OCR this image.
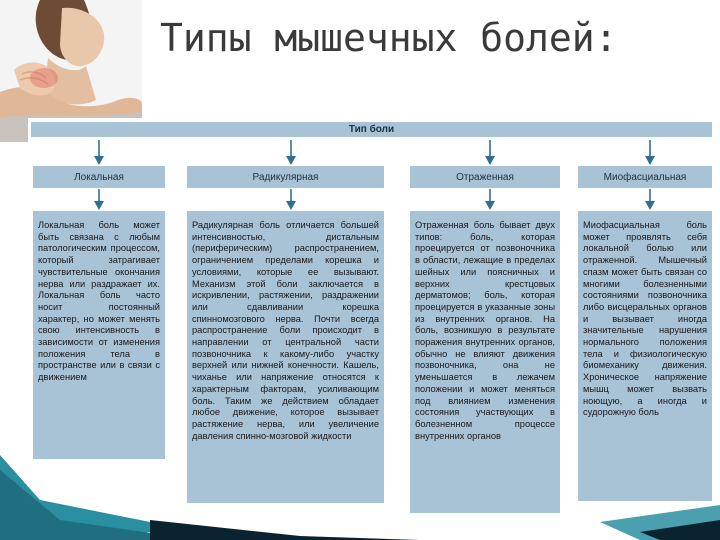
Типы мышечных болей:
Тип боли
Локальная	Радикулярная	Отраженная	Миофасциальная
Локальная боль может быть связана с любым патологическим процессом, который затрагивает чувствительные окончания нерва или раздражает их. Локальная боль часто носит постоянный характер, но может менять свою интенсивность в зависимости от изменения положения тела в пространстве или в связи с движением
Радикулярная боль отличается большей интенсивностью, дистальным (периферическим) распространением, ограничением пределами корешка и условиями, которые ее вызывают. Механизм этой боли заключается в искривлении, растяжении, раздражении или сдавливании корешка спинномозгового нерва. Почти всегда распространение боли происходит в направлении от центральной части позвоночника к какому-либо участку верхней или нижней конечности. Кашель, чиханье или напряжение относятся к характерным факторам, усиливающим боль. Таким же действием обладает любое движение, которое вызывает растяжение нерва, или увеличение давления спинно-мозговой жидкости
Отраженная боль бывает двух типов: боль, которая проецируется от позвоночника в области, лежащие в пределах шейных или поясничных и верхних крестцовых дерматомов; боль, которая проецируется в указанные зоны из внутренних органов. На боль, возникшую в результате поражения внутренних органов, обычно не влияют движения позвоночника, она не уменьшается в лежачем положении и может меняться под влиянием изменения состояния участвующих в болезненном процессе внутренних органов
Миофасциальная боль может проявлять себя локальной болью или отраженной. Мышечный спазм может быть связан со многими болезненными состояниями позвоночника либо висцеральных органов и вызывает иногда значительные нарушения нормального положения тела и физиологическую биомеханику движения. Хроническое напряжение мышц может вызвать ноющую, а иногда и судорожную боль
